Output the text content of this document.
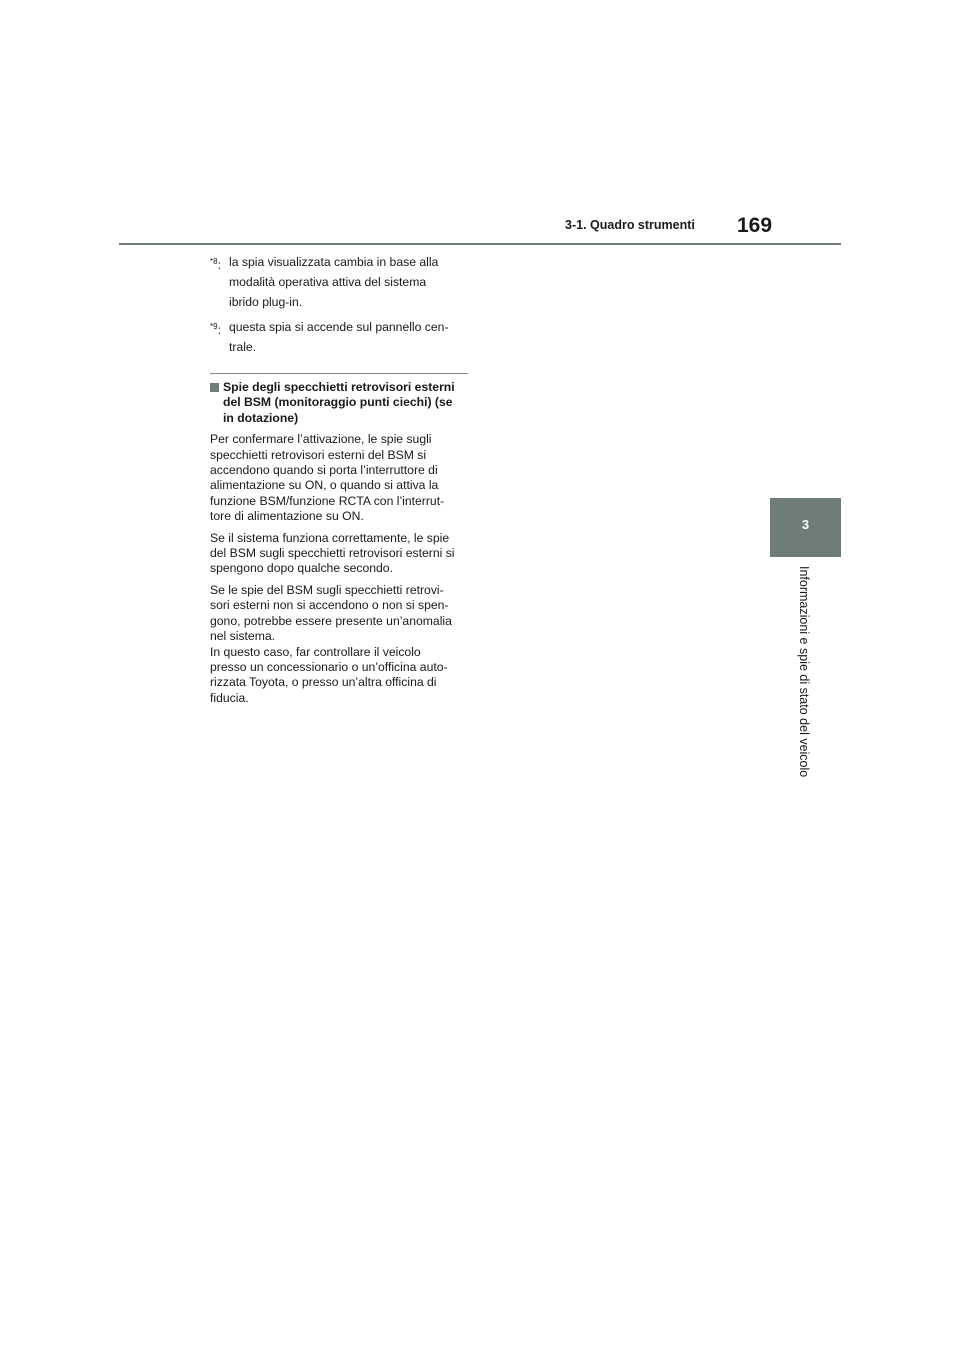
3-1. Quadro strumenti 169
3
Informazioni e spie di stato del veicolo
$^{*8}$: la spia visualizzata cambia in base alla
modalità operativa attiva del sistema
ibrido plug-in.
$^{*9}$: questa spia si accende sul pannello cen-
trale.
Spie degli specchietti retrovisori esterni
del BSM (monitoraggio punti ciechi) (se
in dotazione)
Per confermare l’attivazione, le spie sugli
specchietti retrovisori esterni del BSM si
accendono quando si porta l’interruttore di
alimentazione su ON, o quando si attiva la
funzione BSM/funzione RCTA con l’interrut-
tore di alimentazione su ON.
Se il sistema funziona correttamente, le spie
del BSM sugli specchietti retrovisori esterni si
spengono dopo qualche secondo.
Se le spie del BSM sugli specchietti retrovi-
sori esterni non si accendono o non si spen-
gono, potrebbe essere presente un’anomalia
nel sistema.
In questo caso, far controllare il veicolo
presso un concessionario o un’officina auto-
rizzata Toyota, o presso un’altra officina di
fiducia.
